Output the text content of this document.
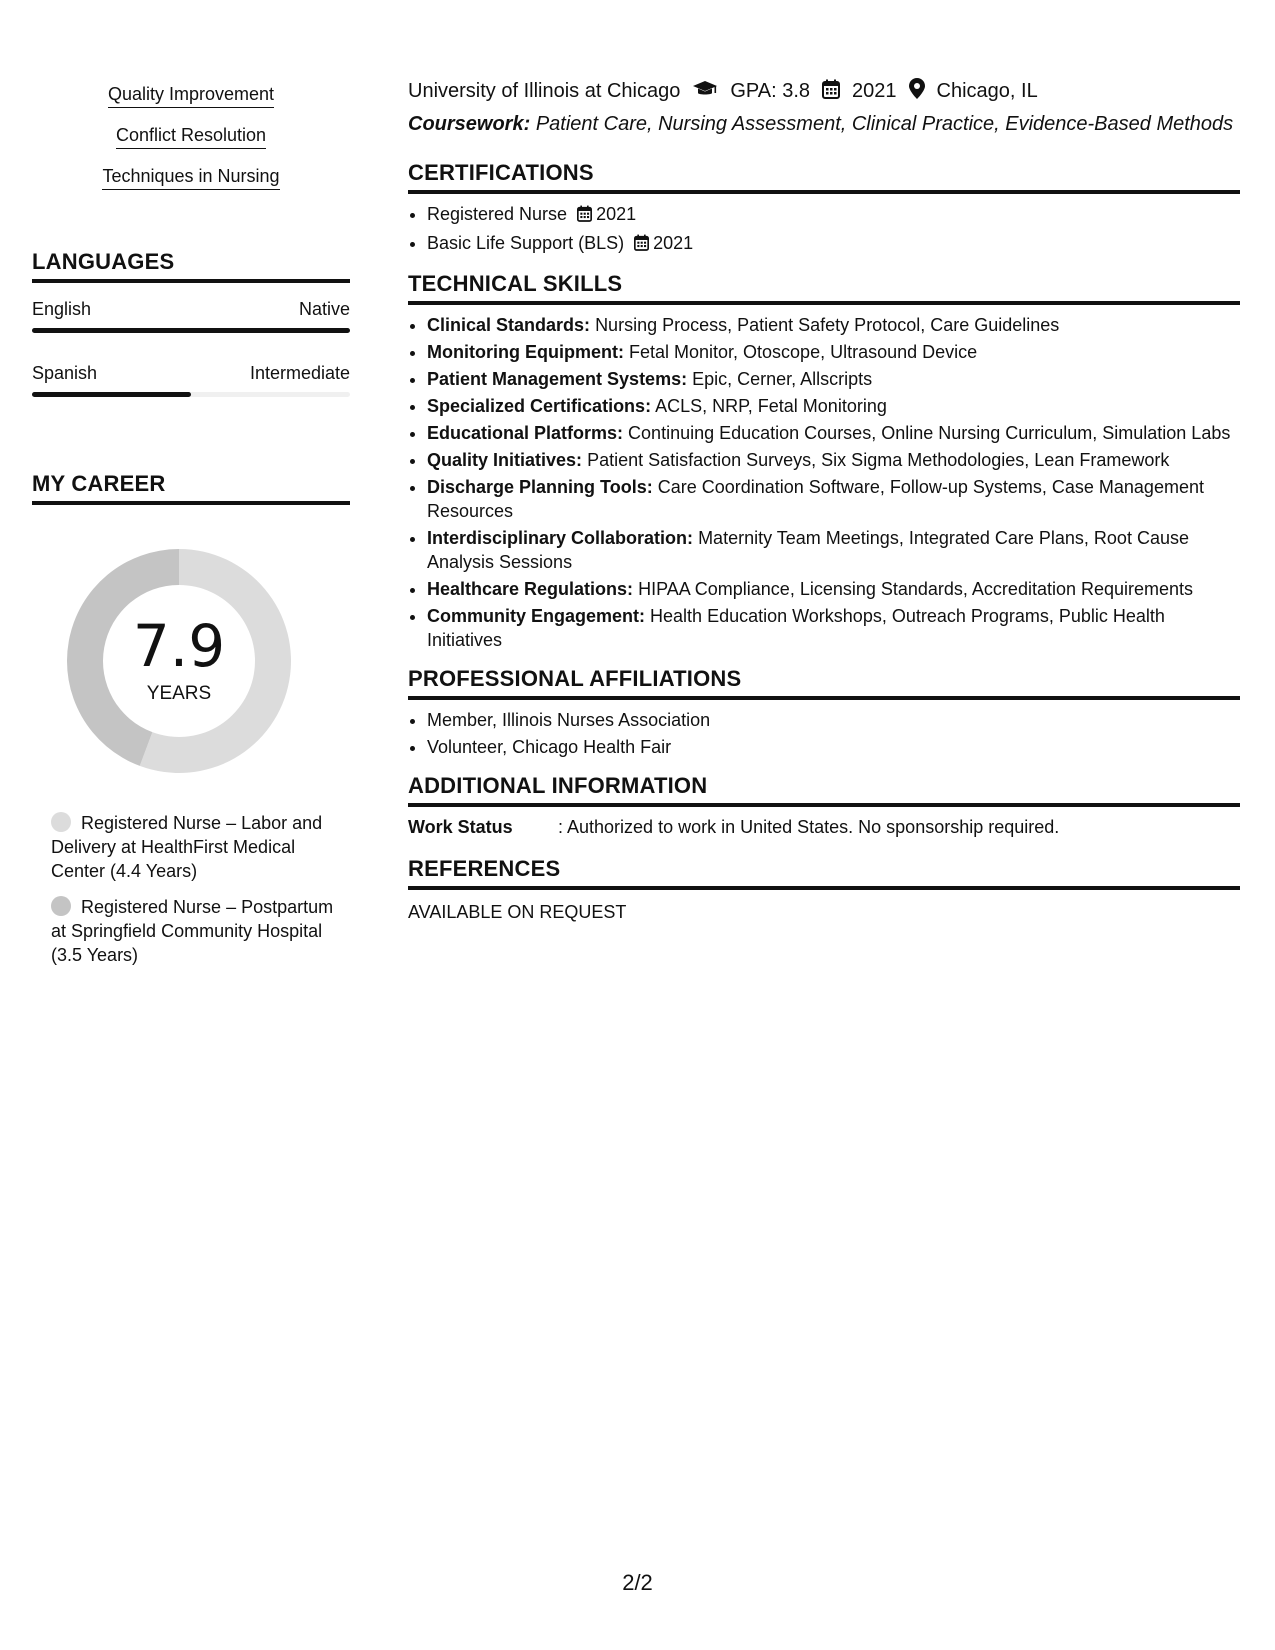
Quality Improvement
Conflict Resolution
Techniques in Nursing
LANGUAGES
English	Native
Spanish	Intermediate
MY CAREER
7.9
YEARS
Registered Nurse – Labor and Delivery at HealthFirst Medical Center (4.4 Years)
Registered Nurse – Postpartum at Springfield Community Hospital (3.5 Years)
University of Illinois at Chicago	GPA: 3.8 2021 Chicago, IL
Coursework: Patient Care, Nursing Assessment, Clinical Practice, Evidence-Based Methods
CERTIFICATIONS
• Registered Nurse 2021
• Basic Life Support (BLS) 2021
TECHNICAL SKILLS
• Clinical Standards: Nursing Process, Patient Safety Protocol, Care Guidelines
• Monitoring Equipment: Fetal Monitor, Otoscope, Ultrasound Device
• Patient Management Systems: Epic, Cerner, Allscripts
• Specialized Certifications: ACLS, NRP, Fetal Monitoring
• Educational Platforms: Continuing Education Courses, Online Nursing Curriculum, Simulation Labs
• Quality Initiatives: Patient Satisfaction Surveys, Six Sigma Methodologies, Lean Framework
• Discharge Planning Tools: Care Coordination Software, Follow-up Systems, Case Management Resources
• Interdisciplinary Collaboration: Maternity Team Meetings, Integrated Care Plans, Root Cause Analysis Sessions
• Healthcare Regulations: HIPAA Compliance, Licensing Standards, Accreditation Requirements
• Community Engagement: Health Education Workshops, Outreach Programs, Public Health Initiatives
PROFESSIONAL AFFILIATIONS
• Member, Illinois Nurses Association
• Volunteer, Chicago Health Fair
ADDITIONAL INFORMATION
Work Status	: Authorized to work in United States. No sponsorship required.
REFERENCES
AVAILABLE ON REQUEST
2/2
